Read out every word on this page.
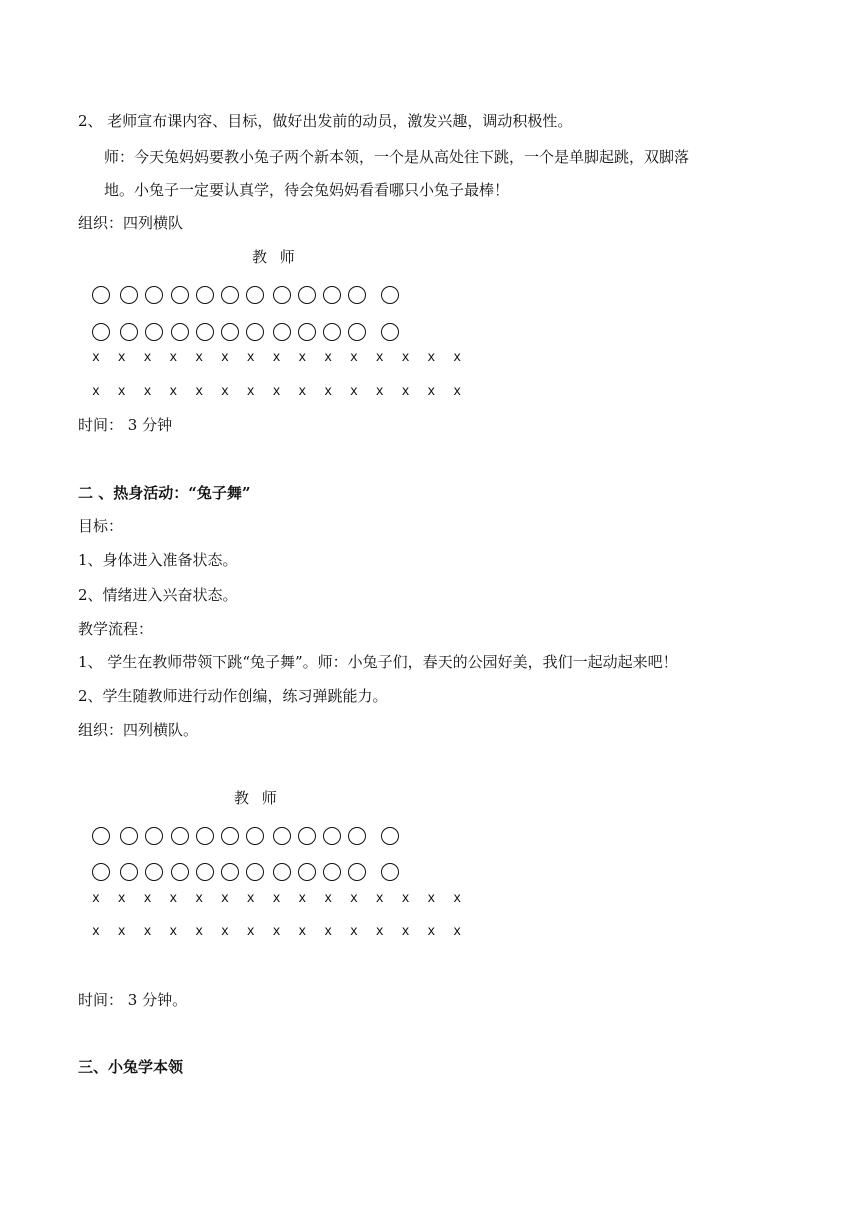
2、 老师宣布课内容、目标，做好出发前的动员，激发兴趣，调动积极性。
师：今天兔妈妈要教小兔子两个新本领，一个是从高处往下跳，一个是单脚起跳，双脚落
地。小兔子一定要认真学，待会兔妈妈看看哪只小兔子最棒！
组织：四列横队
教 师
x x x x x x x x x x x x x x x
x x x x x x x x x x x x x x x
时间： 3 分钟
二 、热身活动：“兔子舞”
目标：
1、身体进入准备状态。
2、情绪进入兴奋状态。
教学流程：
1、 学生在教师带领下跳“兔子舞”。师：小兔子们，春天的公园好美，我们一起动起来吧！
2、学生随教师进行动作创编，练习弹跳能力。
组织：四列横队。
教 师
x x x x x x x x x x x x x x x
x x x x x x x x x x x x x x x
时间： 3 分钟。
三、小兔学本领
